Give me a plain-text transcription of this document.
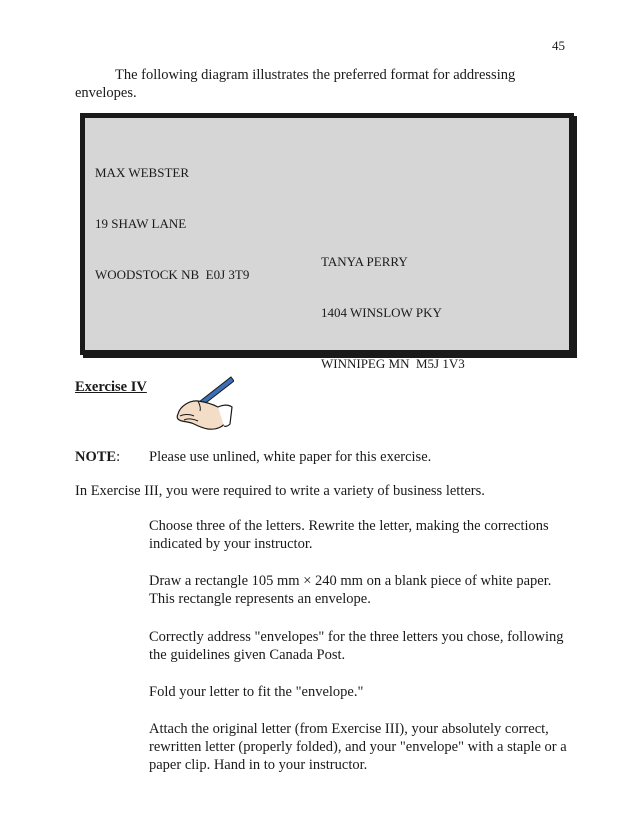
45

The following diagram illustrates the preferred format for addressing envelopes.

MAX WEBSTER

19 SHAW LANE

WOODSTOCK NB  E0J 3T9

TANYA PERRY

1404 WINSLOW PKY

WINNIPEG MN  M5J 1V3

Exercise IV
NOTE: Please use unlined, white paper for this exercise.
In Exercise III, you were required to write a variety of business letters.

Choose three of the letters. Rewrite the letter, making the corrections indicated by your instructor.

Draw a rectangle 105 mm × 240 mm on a blank piece of white paper. This rectangle represents an envelope.

Correctly address "envelopes" for the three letters you chose, following the guidelines given Canada Post.

Fold your letter to fit the "envelope."

Attach the original letter (from Exercise III), your absolutely correct, rewritten letter (properly folded), and your "envelope" with a staple or a paper clip. Hand in to your instructor.
